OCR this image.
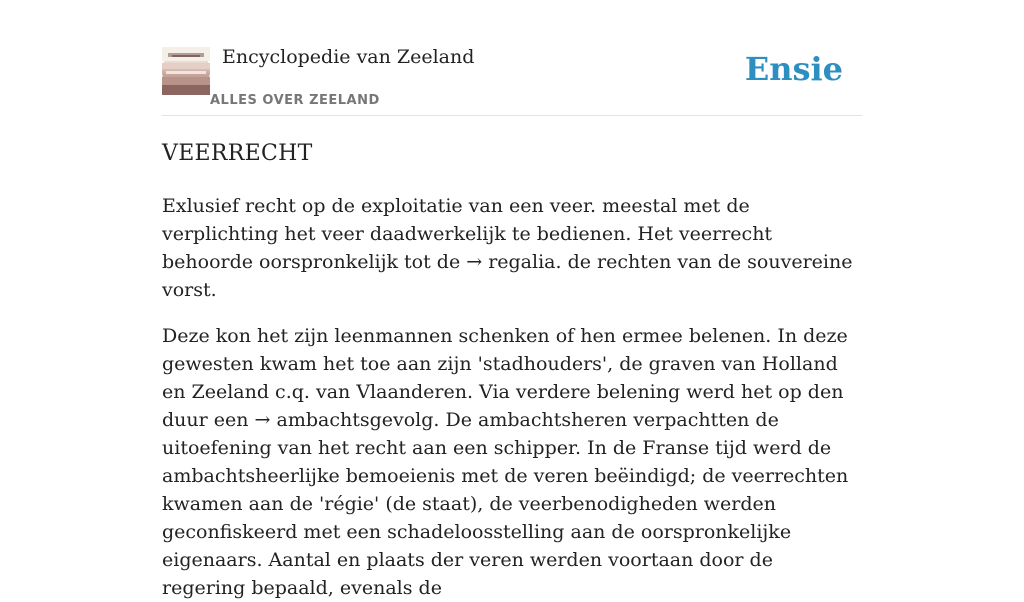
Encyclopedie van Zeeland
ALLES OVER ZEELAND
Ensie
VEERRECHT

Exlusief recht op de exploitatie van een veer. meestal met de verplichting het veer daadwerkelijk te bedienen. Het veerrecht behoorde oorspronkelijk tot de → regalia. de rechten van de souvereine vorst.

Deze kon het zijn leenmannen schenken of hen ermee belenen. In deze gewesten kwam het toe aan zijn 'stadhouders', de graven van Holland en Zeeland c.q. van Vlaanderen. Via verdere belening werd het op den duur een → ambachtsgevolg. De ambachtsheren verpachtten de uitoefening van het recht aan een schipper. In de Franse tijd werd de ambachtsheerlijke bemoeienis met de veren beëindigd; de veerrechten kwamen aan de 'régie' (de staat), de veerbenodigheden werden geconfiskeerd met een schadeloosstelling aan de oorspronkelijke eigenaars. Aantal en plaats der veren werden voortaan door de regering bepaald, evenals de
